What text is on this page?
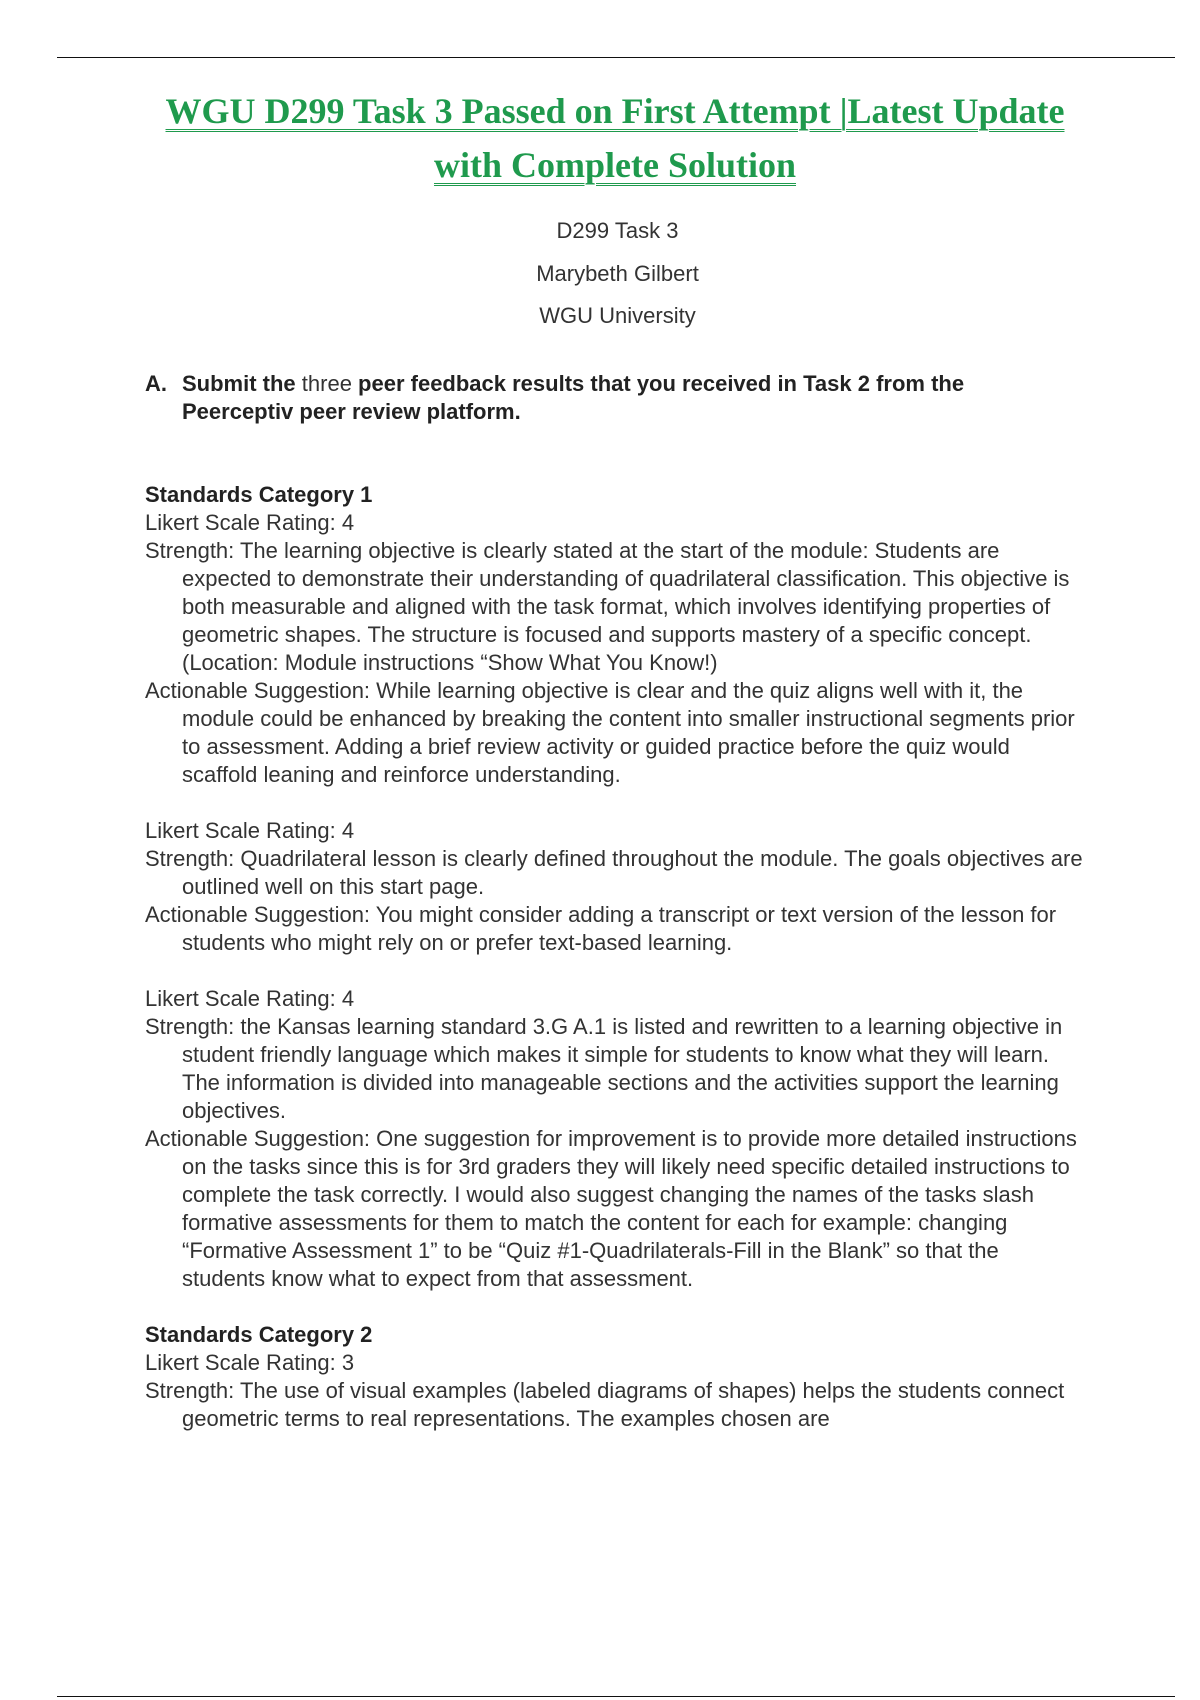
WGU D299 Task 3 Passed on First Attempt |Latest Update with Complete Solution
D299 Task 3
Marybeth Gilbert
WGU University
A. Submit the three peer feedback results that you received in Task 2 from the Peerceptiv peer review platform.

Standards Category 1

Likert Scale Rating: 4

Strength: The learning objective is clearly stated at the start of the module: Students are expected to demonstrate their understanding of quadrilateral classification. This objective is both measurable and aligned with the task format, which involves identifying properties of geometric shapes. The structure is focused and supports mastery of a specific concept. (Location: Module instructions “Show What You Know!)

Actionable Suggestion: While learning objective is clear and the quiz aligns well with it, the module could be enhanced by breaking the content into smaller instructional segments prior to assessment. Adding a brief review activity or guided practice before the quiz would scaffold leaning and reinforce understanding.

Likert Scale Rating: 4

Strength: Quadrilateral lesson is clearly defined throughout the module. The goals objectives are outlined well on this start page.

Actionable Suggestion: You might consider adding a transcript or text version of the lesson for students who might rely on or prefer text-based learning.

Likert Scale Rating: 4

Strength: the Kansas learning standard 3.G A.1 is listed and rewritten to a learning objective in student friendly language which makes it simple for students to know what they will learn. The information is divided into manageable sections and the activities support the learning objectives.

Actionable Suggestion: One suggestion for improvement is to provide more detailed instructions on the tasks since this is for 3rd graders they will likely need specific detailed instructions to complete the task correctly. I would also suggest changing the names of the tasks slash formative assessments for them to match the content for each for example: changing “Formative Assessment 1” to be “Quiz #1-Quadrilaterals-Fill in the Blank” so that the students know what to expect from that assessment.

Standards Category 2

Likert Scale Rating: 3

Strength: The use of visual examples (labeled diagrams of shapes) helps the students connect geometric terms to real representations. The examples chosen are
